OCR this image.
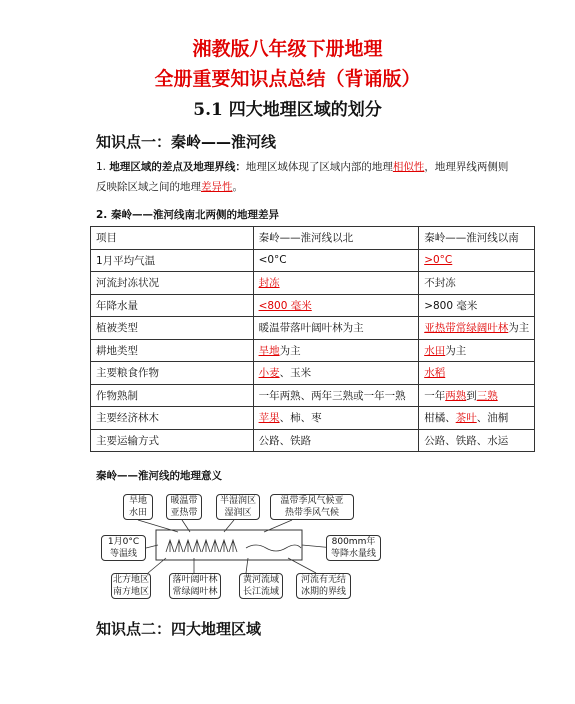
湘教版八年级下册地理
全册重要知识点总结（背诵版）
5.1 四大地理区域的划分
知识点一：秦岭——淮河线
1. 地理区域的差点及地理界线：地理区域体现了区域内部的地理相似性，地理界线两侧则
反映除区域之间的地理差异性。
2. 秦岭——淮河线南北两侧的地理差异
项目	秦岭——淮河线以北	秦岭——淮河线以南
1月平均气温	<0°C	>0°C
河流封冻状况	封冻	不封冻
年降水量	<800 毫米	>800 毫米
植被类型	暖温带落叶阔叶林为主	亚热带常绿阔叶林为主
耕地类型	旱地为主	水田为主
主要粮食作物	小麦、玉米	水稻
作物熟制	一年两熟、两年三熟或一年一熟	一年两熟到三熟
主要经济林木	苹果、柿、枣	柑橘、茶叶、油桐
主要运输方式	公路、铁路	公路、铁路、水运
秦岭——淮河线的地理意义
旱地
水田
暖温带
亚热带
半湿润区
湿润区
温带季风气候亚
热带季风气候
1月0°C
等温线
800mm年
等降水量线
北方地区
南方地区
落叶阔叶林
常绿阔叶林
黄河流域
长江流域
河流有无结
冰期的界线
知识点二：四大地理区域
